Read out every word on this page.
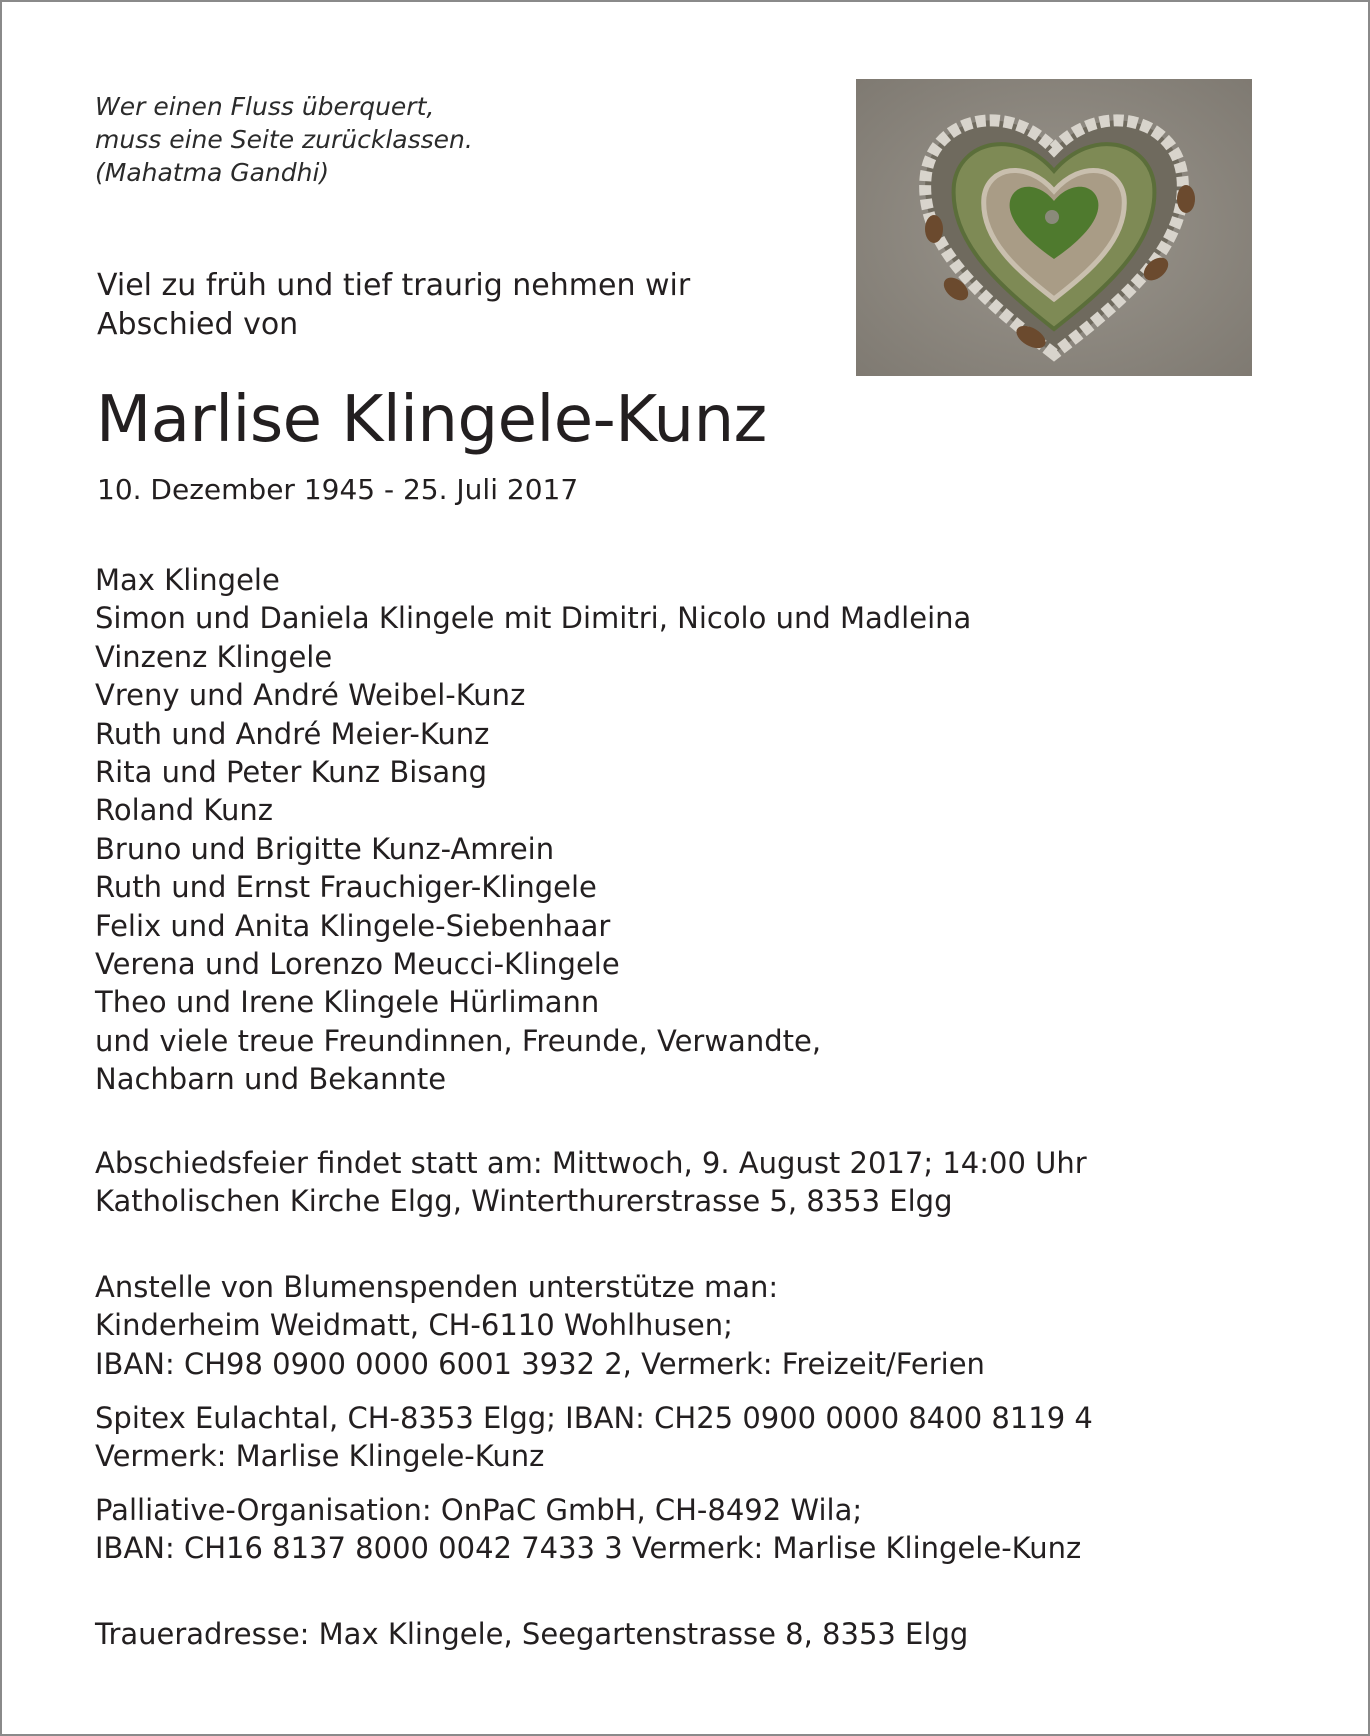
Wer einen Fluss überquert,
muss eine Seite zurücklassen.
(Mahatma Gandhi)
Viel zu früh und tief traurig nehmen wir
Abschied von
Marlise Klingele-Kunz
10. Dezember 1945 - 25. Juli 2017
Max Klingele
Simon und Daniela Klingele mit Dimitri, Nicolo und Madleina
Vinzenz Klingele
Vreny und André Weibel-Kunz
Ruth und André Meier-Kunz
Rita und Peter Kunz Bisang
Roland Kunz
Bruno und Brigitte Kunz-Amrein
Ruth und Ernst Frauchiger-Klingele
Felix und Anita Klingele-Siebenhaar
Verena und Lorenzo Meucci-Klingele
Theo und Irene Klingele Hürlimann
und viele treue Freundinnen, Freunde, Verwandte,
Nachbarn und Bekannte
Abschiedsfeier findet statt am: Mittwoch, 9. August 2017; 14:00 Uhr
Katholischen Kirche Elgg, Winterthurerstrasse 5, 8353 Elgg
Anstelle von Blumenspenden unterstütze man:
Kinderheim Weidmatt, CH-6110 Wohlhusen;
IBAN: CH98 0900 0000 6001 3932 2, Vermerk: Freizeit/Ferien
Spitex Eulachtal, CH-8353 Elgg; IBAN: CH25 0900 0000 8400 8119 4
Vermerk: Marlise Klingele-Kunz
Palliative-Organisation: OnPaC GmbH, CH-8492 Wila;
IBAN: CH16 8137 8000 0042 7433 3 Vermerk: Marlise Klingele-Kunz
Traueradresse: Max Klingele, Seegartenstrasse 8, 8353 Elgg
